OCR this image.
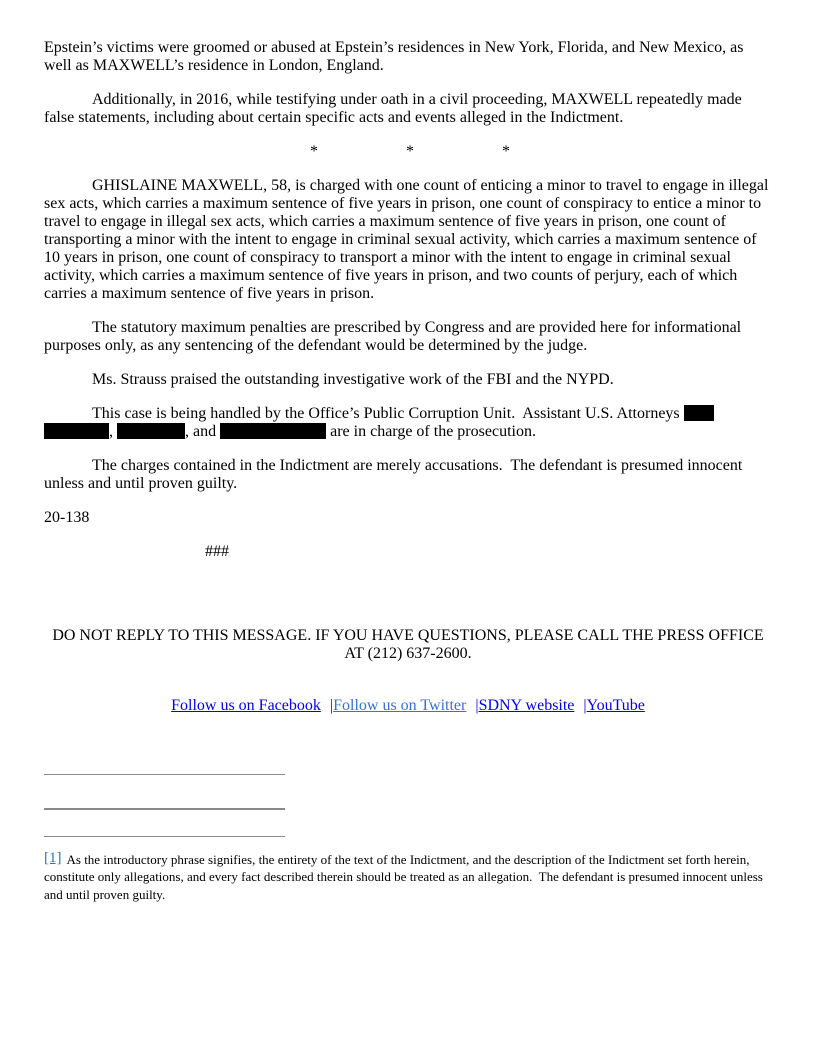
Epstein’s victims were groomed or abused at Epstein’s residences in New York, Florida, and New Mexico, as well as MAXWELL’s residence in London, England.

Additionally, in 2016, while testifying under oath in a civil proceeding, MAXWELL repeatedly made false statements, including about certain specific acts and events alleged in the Indictment.

*	*	*

GHISLAINE MAXWELL, 58, is charged with one count of enticing a minor to travel to engage in illegal sex acts, which carries a maximum sentence of five years in prison, one count of conspiracy to entice a minor to travel to engage in illegal sex acts, which carries a maximum sentence of five years in prison, one count of transporting a minor with the intent to engage in criminal sexual activity, which carries a maximum sentence of 10 years in prison, one count of conspiracy to transport a minor with the intent to engage in criminal sexual activity, which carries a maximum sentence of five years in prison, and two counts of perjury, each of which carries a maximum sentence of five years in prison.

The statutory maximum penalties are prescribed by Congress and are provided here for informational purposes only, as any sentencing of the defendant would be determined by the judge.

Ms. Strauss praised the outstanding investigative work of the FBI and the NYPD.

This case is being handled by the Office’s Public Corruption Unit.  Assistant U.S. Attorneys  ,	, and	are in charge of the prosecution.

The charges contained in the Indictment are merely accusations.  The defendant is presumed innocent unless and until proven guilty.

20-138

###

DO NOT REPLY TO THIS MESSAGE. IF YOU HAVE QUESTIONS, PLEASE CALL THE PRESS OFFICE AT (212) 637-2600.

Follow us on Facebook |Follow us on Twitter |SDNY website |YouTube
[1] As the introductory phrase signifies, the entirety of the text of the Indictment, and the description of the Indictment set forth herein, constitute only allegations, and every fact described therein should be treated as an allegation.  The defendant is presumed innocent unless and until proven guilty.
